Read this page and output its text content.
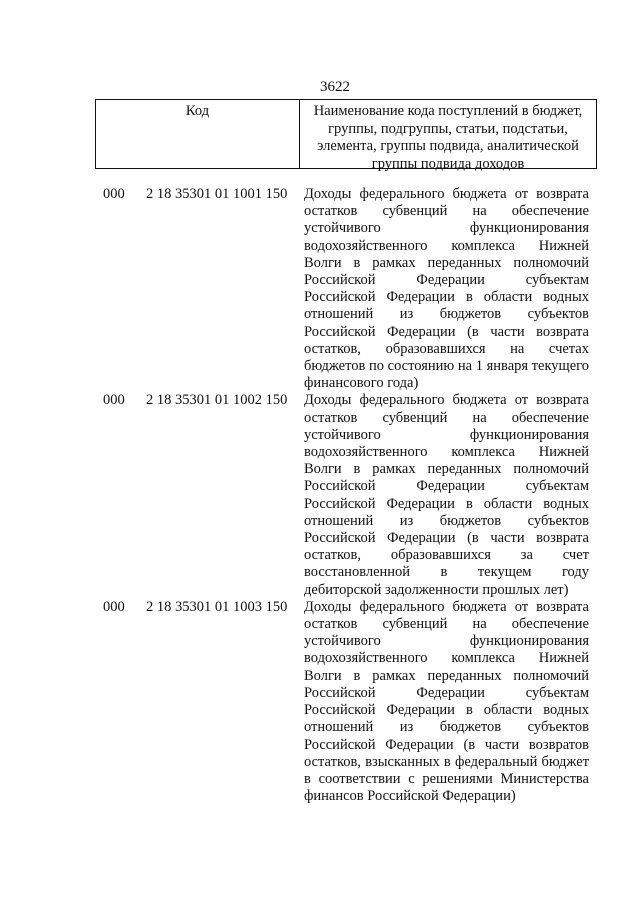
3622
Код	Наименование кода поступлений в бюджет, группы, подгруппы, статьи, подстатьи, элемента, группы подвида, аналитической группы подвида доходов
000 2 18 35301 01 1001 150 Доходы федерального бюджета от возврата остатков субвенций на обеспечение устойчивого функционирования водохозяйственного комплекса Нижней Волги в рамках переданных полномочий Российской Федерации субъектам Российской Федерации в области водных отношений из бюджетов субъектов Российской Федерации (в части возврата остатков, образовавшихся на счетах бюджетов по состоянию на 1 января текущего финансового года)
000 2 18 35301 01 1002 150 Доходы федерального бюджета от возврата остатков субвенций на обеспечение устойчивого функционирования водохозяйственного комплекса Нижней Волги в рамках переданных полномочий Российской Федерации субъектам Российской Федерации в области водных отношений из бюджетов субъектов Российской Федерации (в части возврата остатков, образовавшихся за счет восстановленной в текущем году дебиторской задолженности прошлых лет)
000 2 18 35301 01 1003 150 Доходы федерального бюджета от возврата остатков субвенций на обеспечение устойчивого функционирования водохозяйственного комплекса Нижней Волги в рамках переданных полномочий Российской Федерации субъектам Российской Федерации в области водных отношений из бюджетов субъектов Российской Федерации (в части возвратов остатков, взысканных в федеральный бюджет в соответствии с решениями Министерства финансов Российской Федерации)
